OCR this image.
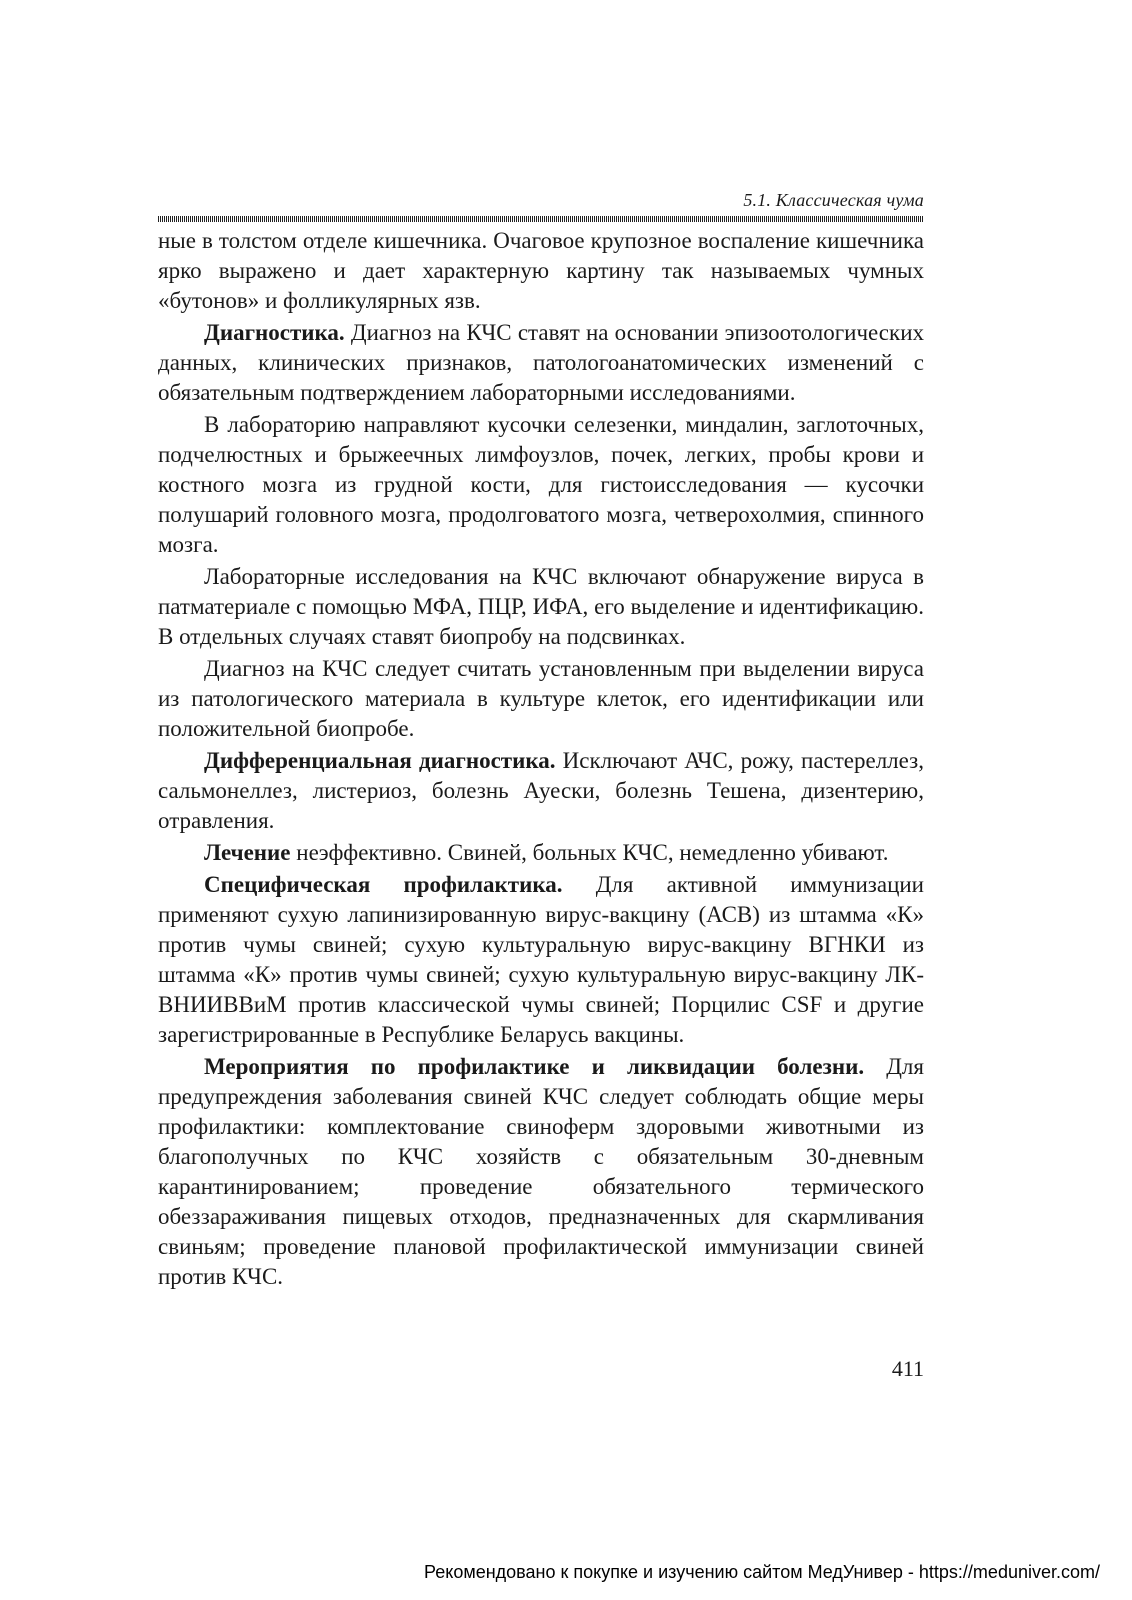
5.1. Классическая чума

ные в толстом отделе кишечника. Очаговое крупозное воспаление кишечника ярко выражено и дает характерную картину так называемых чумных «бутонов» и фолликулярных язв.

Диагностика. Диагноз на КЧС ставят на основании эпизоотологических данных, клинических признаков, патологоанатомических изменений с обязательным подтверждением лабораторными исследованиями.

В лабораторию направляют кусочки селезенки, миндалин, заглоточных, подчелюстных и брыжеечных лимфоузлов, почек, легких, пробы крови и костного мозга из грудной кости, для гистоисследования — кусочки полушарий головного мозга, продолговатого мозга, четверохолмия, спинного мозга.

Лабораторные исследования на КЧС включают обнаружение вируса в патматериале с помощью МФА, ПЦР, ИФА, его выделение и идентификацию. В отдельных случаях ставят биопробу на подсвинках.

Диагноз на КЧС следует считать установленным при выделении вируса из патологического материала в культуре клеток, его идентификации или положительной биопробе.

Дифференциальная диагностика. Исключают АЧС, рожу, пастереллез, сальмонеллез, листериоз, болезнь Ауески, болезнь Тешена, дизентерию, отравления.

Лечение неэффективно. Свиней, больных КЧС, немедленно убивают.

Специфическая профилактика. Для активной иммунизации применяют сухую лапинизированную вирус-вакцину (АСВ) из штамма «К» против чумы свиней; сухую культуральную вирус-вакцину ВГНКИ из штамма «К» против чумы свиней; сухую культуральную вирус-вакцину ЛК-ВНИИВВиМ против классической чумы свиней; Порцилис CSF и другие зарегистрированные в Республике Беларусь вакцины.

Мероприятия по профилактике и ликвидации болезни. Для предупреждения заболевания свиней КЧС следует соблюдать общие меры профилактики: комплектование свиноферм здоровыми животными из благополучных по КЧС хозяйств с обязательным 30-дневным карантинированием; проведение обязательного термического обеззараживания пищевых отходов, предназначенных для скармливания свиньям; проведение плановой профилактической иммунизации свиней против КЧС.

411
Рекомендовано к покупке и изучению сайтом МедУнивер - https://meduniver.com/
